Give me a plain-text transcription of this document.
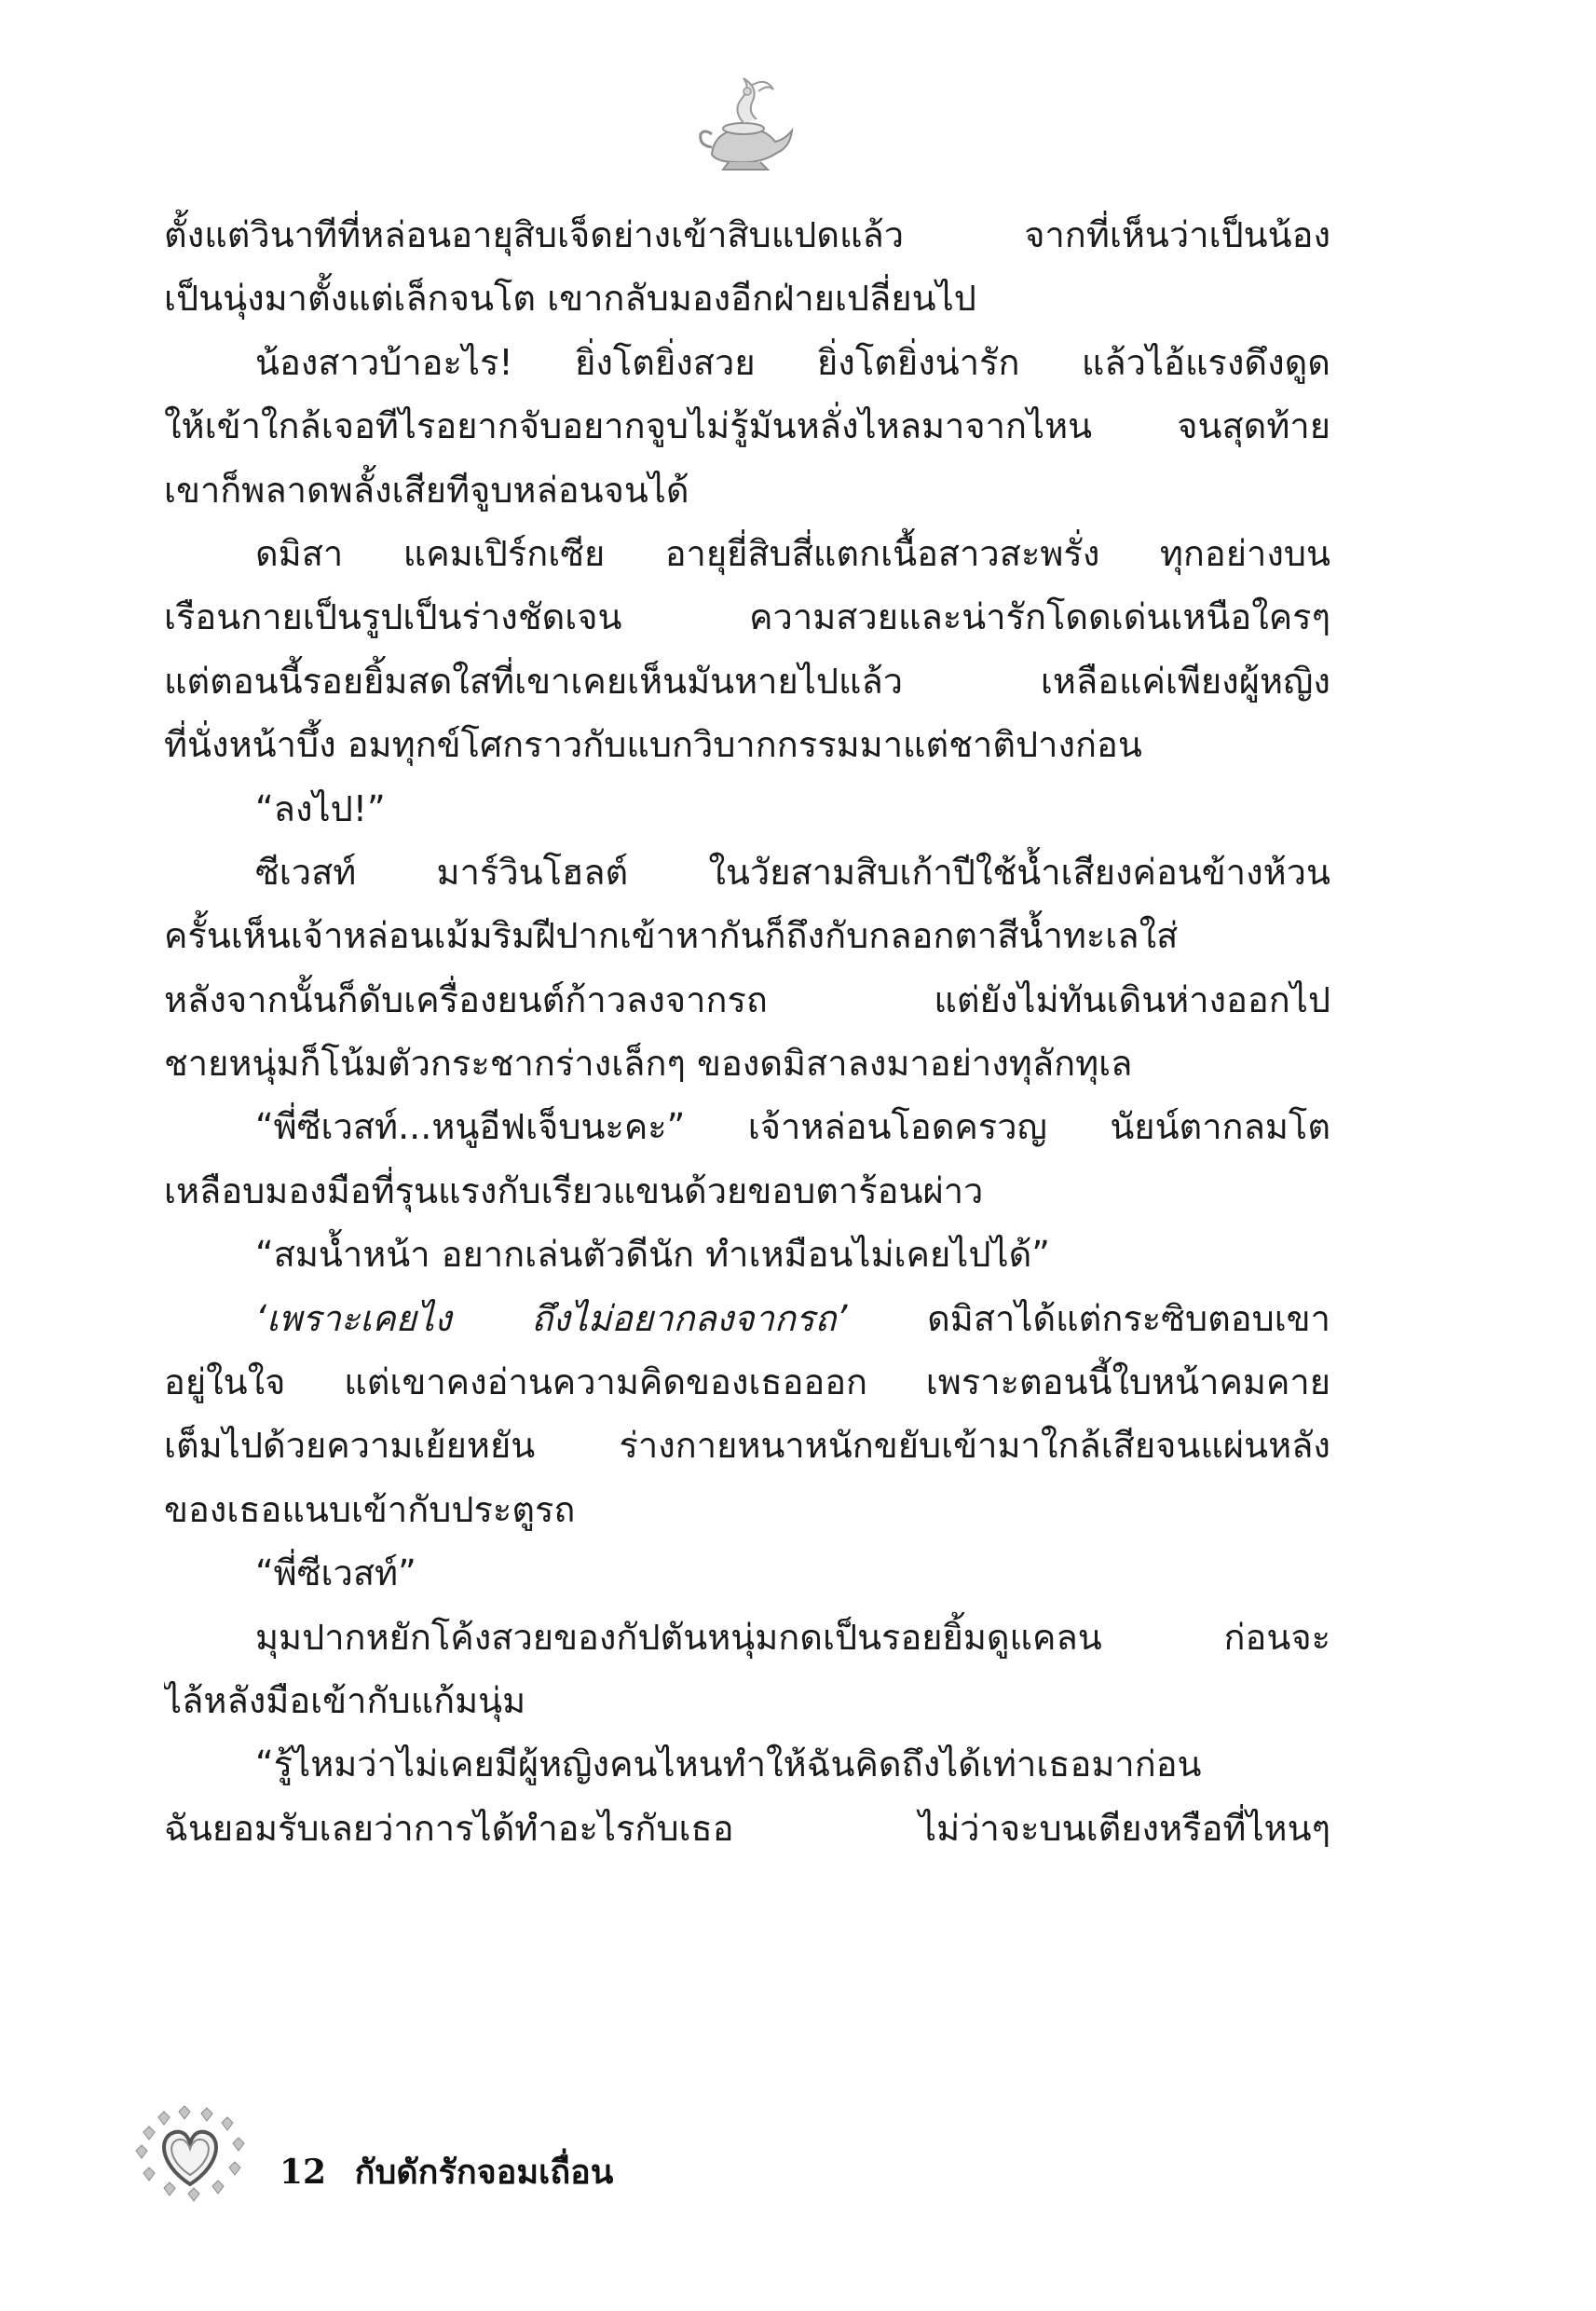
ตั้งแต่วินาทีที่หล่อนอายุสิบเจ็ดย่างเข้าสิบแปดแล้ว จากที่เห็นว่าเป็นน้อง
เป็นนุ่งมาตั้งแต่เล็กจนโต เขากลับมองอีกฝ่ายเปลี่ยนไป
น้องสาวบ้าอะไร! ยิ่งโตยิ่งสวย ยิ่งโตยิ่งน่ารัก แล้วไอ้แรงดึงดูด
ให้เข้าใกล้เจอทีไรอยากจับอยากจูบไม่รู้มันหลั่งไหลมาจากไหน จนสุดท้าย
เขาก็พลาดพลั้งเสียทีจูบหล่อนจนได้
ดมิสา แคมเปิร์กเซีย อายุยี่สิบสี่แตกเนื้อสาวสะพรั่ง ทุกอย่างบน
เรือนกายเป็นรูปเป็นร่างชัดเจน ความสวยและน่ารักโดดเด่นเหนือใครๆ
แต่ตอนนี้รอยยิ้มสดใสที่เขาเคยเห็นมันหายไปแล้ว เหลือแค่เพียงผู้หญิง
ที่นั่งหน้าบึ้ง อมทุกข์โศกราวกับแบกวิบากกรรมมาแต่ชาติปางก่อน
“ลงไป!”
ซีเวสท์ มาร์วินโฮลต์ ในวัยสามสิบเก้าปีใช้น้ำเสียงค่อนข้างห้วน
ครั้นเห็นเจ้าหล่อนเม้มริมฝีปากเข้าหากันก็ถึงกับกลอกตาสีน้ำทะเลใส่
หลังจากนั้นก็ดับเครื่องยนต์ก้าวลงจากรถ แต่ยังไม่ทันเดินห่างออกไป
ชายหนุ่มก็โน้มตัวกระชากร่างเล็กๆ ของดมิสาลงมาอย่างทุลักทุเล
“พี่ซีเวสท์...หนูอีฟเจ็บนะคะ” เจ้าหล่อนโอดครวญ นัยน์ตากลมโต
เหลือบมองมือที่รุนแรงกับเรียวแขนด้วยขอบตาร้อนผ่าว
“สมน้ำหน้า อยากเล่นตัวดีนัก ทำเหมือนไม่เคยไปได้”
‘เพราะเคยไง ถึงไม่อยากลงจากรถ’ ดมิสาได้แต่กระซิบตอบเขา
อยู่ในใจ แต่เขาคงอ่านความคิดของเธอออก เพราะตอนนี้ใบหน้าคมคาย
เต็มไปด้วยความเย้ยหยัน ร่างกายหนาหนักขยับเข้ามาใกล้เสียจนแผ่นหลัง
ของเธอแนบเข้ากับประตูรถ
“พี่ซีเวสท์”
มุมปากหยักโค้งสวยของกัปตันหนุ่มกดเป็นรอยยิ้มดูแคลน ก่อนจะ
ไล้หลังมือเข้ากับแก้มนุ่ม
“รู้ไหมว่าไม่เคยมีผู้หญิงคนไหนทำให้ฉันคิดถึงได้เท่าเธอมาก่อน
ฉันยอมรับเลยว่าการได้ทำอะไรกับเธอ ไม่ว่าจะบนเตียงหรือที่ไหนๆ
12 กับดักรักจอมเถื่อน
